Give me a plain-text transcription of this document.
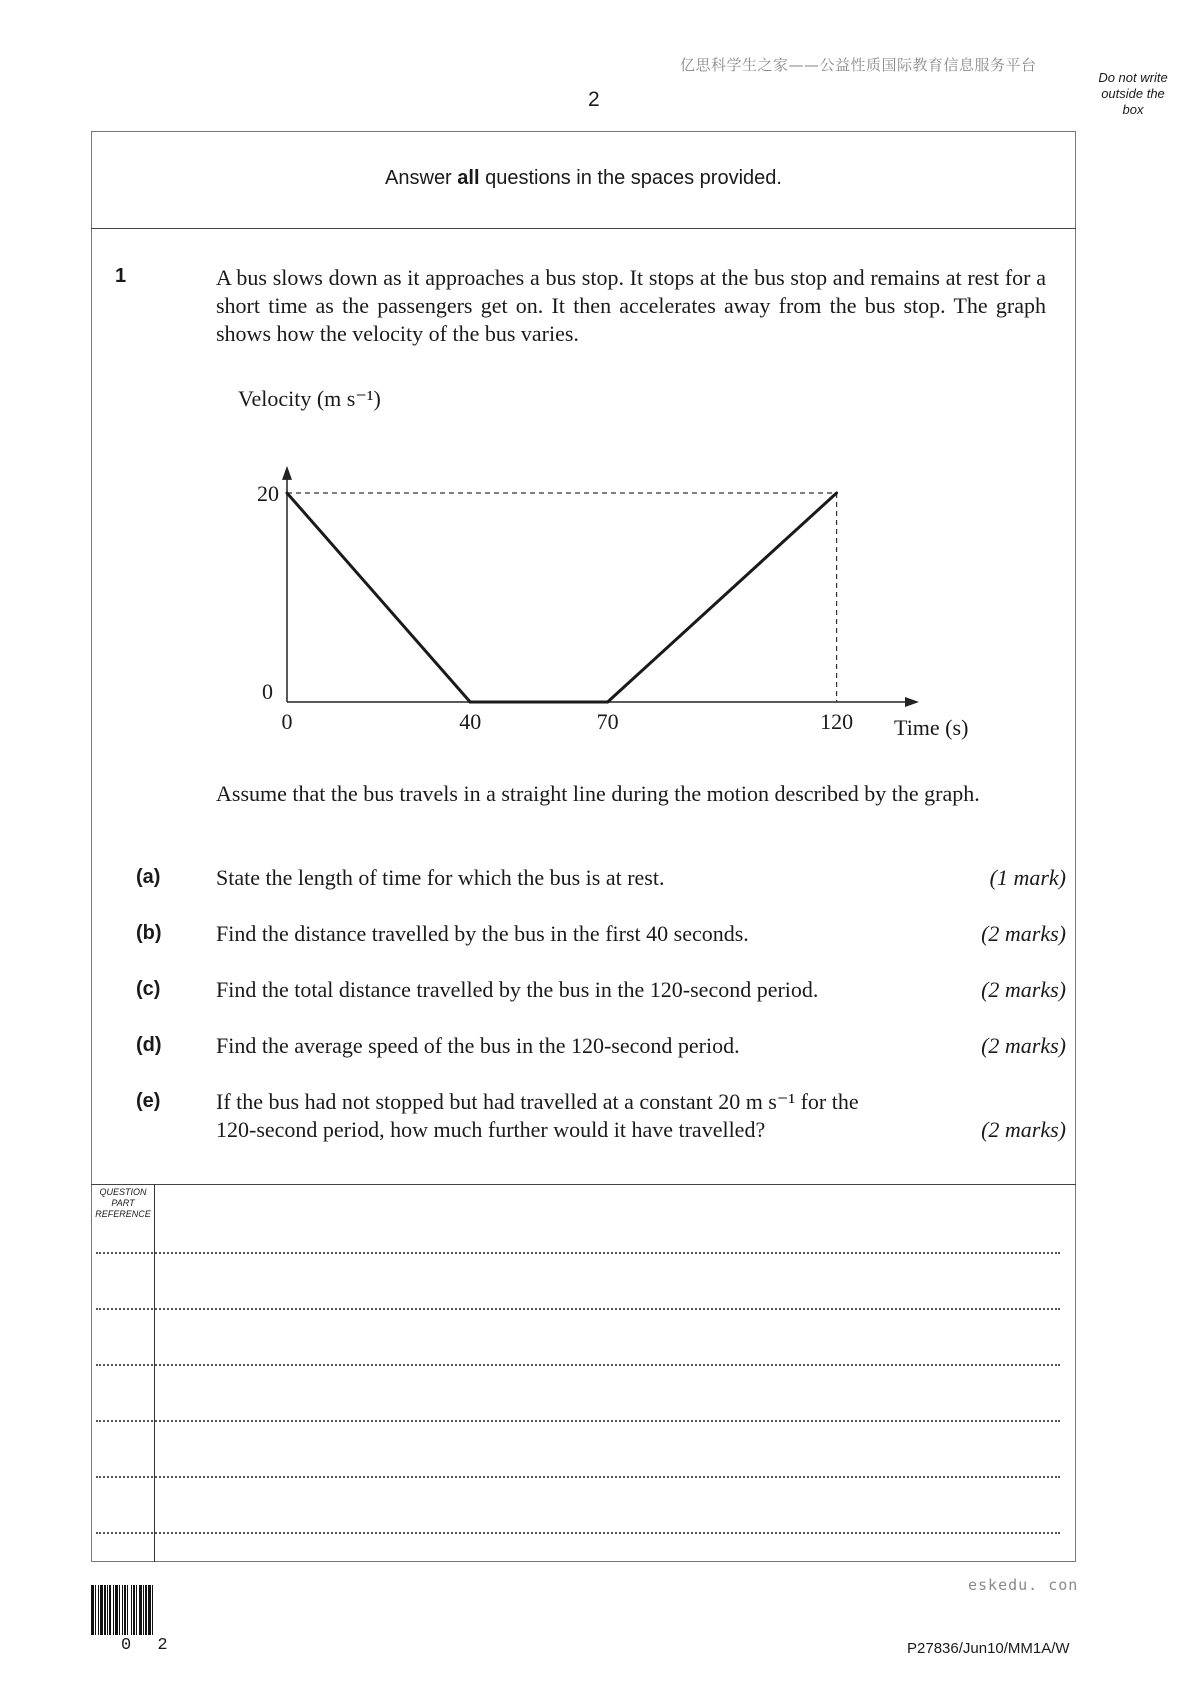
亿思科学生之家——公益性质国际教育信息服务平台
2
Do not write
outside the
box
Answer all questions in the spaces provided.
1	A bus slows down as it approaches a bus stop. It stops at the bus stop and remains at rest for a short time as the passengers get on. It then accelerates away from the bus stop. The graph shows how the velocity of the bus varies.
0	40	70	120
0
20
Velocity (m s⁻¹)
Time (s)
Assume that the bus travels in a straight line during the motion described by the graph.
(a)	State the length of time for which the bus is at rest.	(1 mark)
(b) Find the distance travelled by the bus in the first 40 seconds.	(2 marks)
(c)	Find the total distance travelled by the bus in the 120-second period.	(2 marks)
(d) Find the average speed of the bus in the 120-second period.	(2 marks)
(e)	If the bus had not stopped but had travelled at a constant 20 m s⁻¹ for the
120-second period, how much further would it have travelled?	(2 marks)
QUESTION
PART
REFERENCE
eskedu. con
0 2	P27836/Jun10/MM1A/W
